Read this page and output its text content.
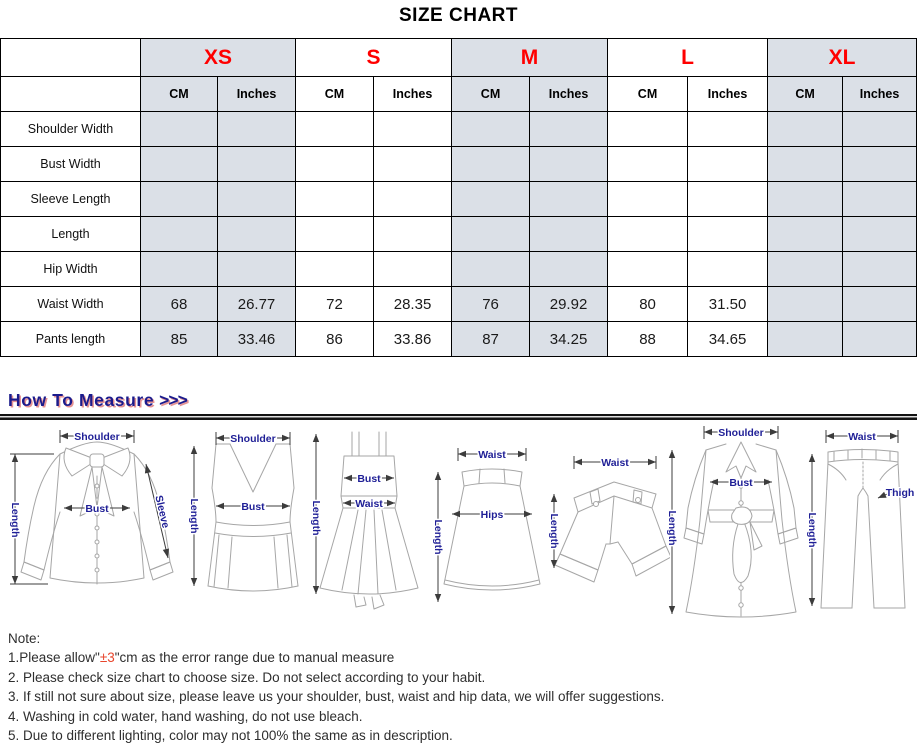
SIZE CHART
	XS		S		M		L		XL	
	CM	Inches	CM	Inches	CM	Inches	CM	Inches	CM	Inches
Shoulder Width										
Bust Width										
Sleeve Length										
Length										
Hip Width										
Waist Width	68	26.77	72	28.35	76	29.92	80	31.50		
Pants length	85	33.46	86	33.86	87	34.25	88	34.65		
How To Measure >>>
Shoulder
Length	Bust	Sleeve
Shoulder
Length	Bust
Bust
Waist
Length
Waist
Hips
Length
Waist
Length
Shoulder
Bust
Length
Waist
Thigh
Length
Note:
1.Please allow"±3"cm as the error range due to manual measure
2. Please check size chart to choose size. Do not select according to your habit.
3. If still not sure about size, please leave us your shoulder, bust, waist and hip data, we will offer suggestions.
4. Washing in cold water, hand washing, do not use bleach.
5. Due to different lighting, color may not 100% the same as in description.
